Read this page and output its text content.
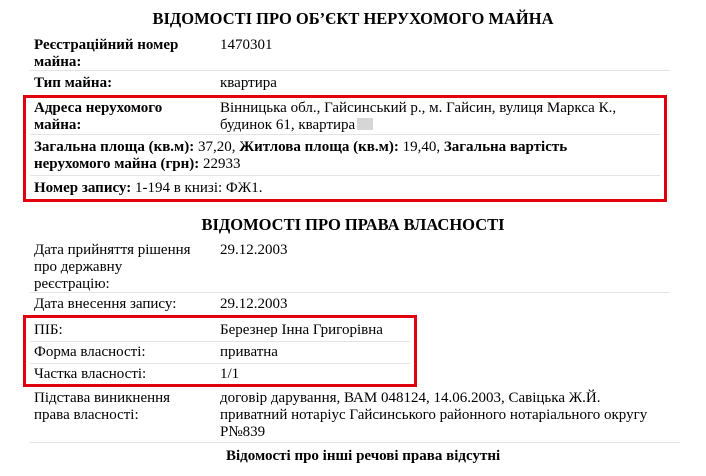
ВІДОМОСТІ ПРО ОБ’ЄКТ НЕРУХОМОГО МАЙНА
Реєстраційний номер
майна:
1470301
Тип майна:	квартира
Адреса нерухомого
майна:
Вінницька обл., Гайсинський р., м. Гайсин, вулиця Маркса К.,
будинок 61, квартира
Загальна площа (кв.м): 37,20, Житлова площа (кв.м): 19,40, Загальна вартість
нерухомого майна (грн): 22933
Номер запису: 1-194 в книзі: ФЖ1.
ВІДОМОСТІ ПРО ПРАВА ВЛАСНОСТІ
Дата прийняття рішення
про державну
реєстрацію:
29.12.2003
Дата внесення запису:	29.12.2003
ПІБ:	Березнер Інна Григорівна
Форма власності:	приватна
Частка власності:	1/1
Підстава виникнення
права власності:
договір дарування, ВАМ 048124, 14.06.2003, Савіцька Ж.Й.
приватний нотаріус Гайсинського районного нотаріального округу
Р№839
Відомості про інші речові права відсутні
